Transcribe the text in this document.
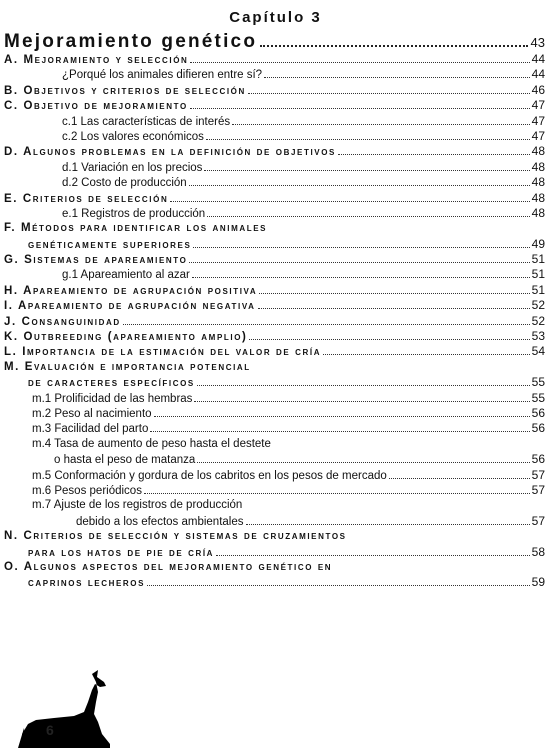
Capítulo 3
Mejoramiento genético	43
A. Mejoramiento y selección	44
¿Porqué los animales difieren entre sí?	44
B. Objetivos y criterios de selección	46
C. Objetivo de mejoramiento	47
c.1 Las características de interés	47
c.2 Los valores económicos	47
D. Algunos problemas en la definición de objetivos	48
d.1 Variación en los precios	48
d.2 Costo de producción	48
E. Criterios de selección	48
e.1 Registros de producción	48
F. Métodos para identificar los animales
genéticamente superiores	49
G. Sistemas de apareamiento	51
g.1 Apareamiento al azar	51
H. Apareamiento de agrupación positiva	51
I. Apareamiento de agrupación negativa	52
J. Consanguinidad	52
K. Outbreeding (apareamiento amplio)	53
L. Importancia de la estimación del valor de cría	54
M. Evaluación e importancia potencial
de caracteres específicos	55
m.1 Prolificidad de las hembras	55
m.2 Peso al nacimiento	56
m.3 Facilidad del parto	56
m.4 Tasa de aumento de peso hasta el destete
o hasta el peso de matanza	56
m.5 Conformación y gordura de los cabritos en los pesos de mercado	57
m.6 Pesos periódicos	57
m.7 Ajuste de los registros de producción
debido a los efectos ambientales	57
N. Criterios de selección y sistemas de cruzamientos
para los hatos de pie de cría	58
O. Algunos aspectos del mejoramiento genético en
caprinos lecheros	59
6
